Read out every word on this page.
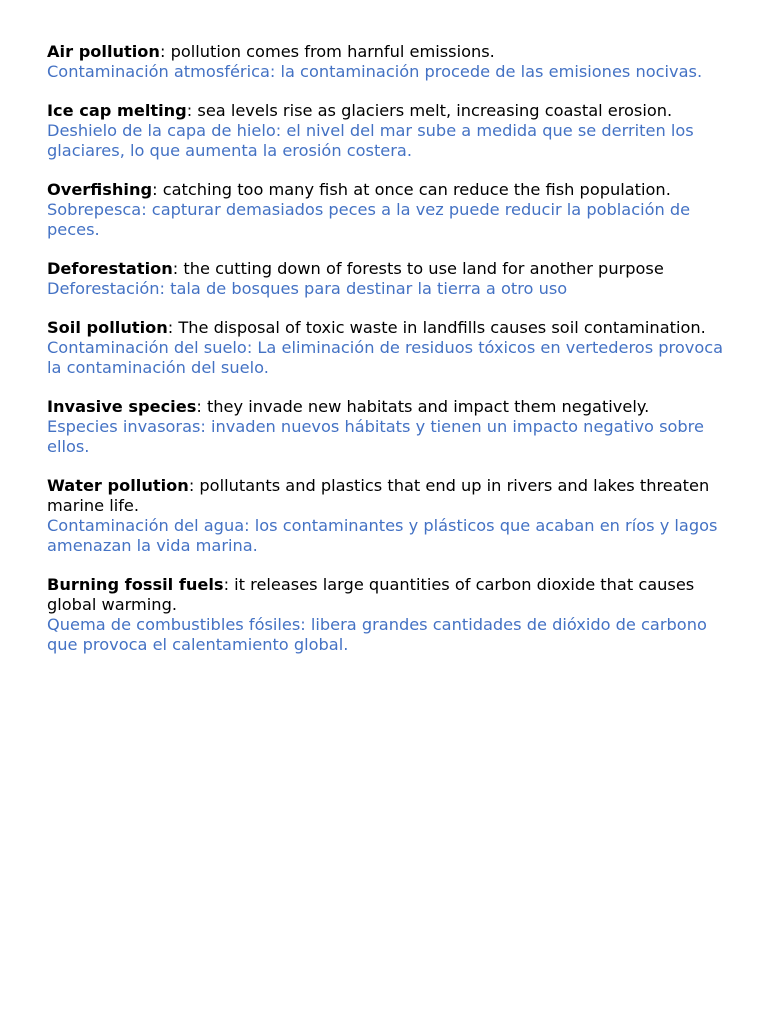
Air pollution: pollution comes from harnful emissions.
Contaminación atmosférica: la contaminación procede de las emisiones nocivas.
Ice cap melting: sea levels rise as glaciers melt, increasing coastal erosion.
Deshielo de la capa de hielo: el nivel del mar sube a medida que se derriten los glaciares, lo que aumenta la erosión costera.
Overfishing: catching too many fish at once can reduce the fish population.
Sobrepesca: capturar demasiados peces a la vez puede reducir la población de peces.
Deforestation: the cutting down of forests to use land for another purpose
Deforestación: tala de bosques para destinar la tierra a otro uso
Soil pollution: The disposal of toxic waste in landfills causes soil contamination.
Contaminación del suelo: La eliminación de residuos tóxicos en vertederos provoca la contaminación del suelo.
Invasive species: they invade new habitats and impact them negatively.
Especies invasoras: invaden nuevos hábitats y tienen un impacto negativo sobre ellos.
Water pollution: pollutants and plastics that end up in rivers and lakes threaten marine life.
Contaminación del agua: los contaminantes y plásticos que acaban en ríos y lagos amenazan la vida marina.
Burning fossil fuels: it releases large quantities of carbon dioxide that causes global warming.
Quema de combustibles fósiles: libera grandes cantidades de dióxido de carbono que provoca el calentamiento global.
